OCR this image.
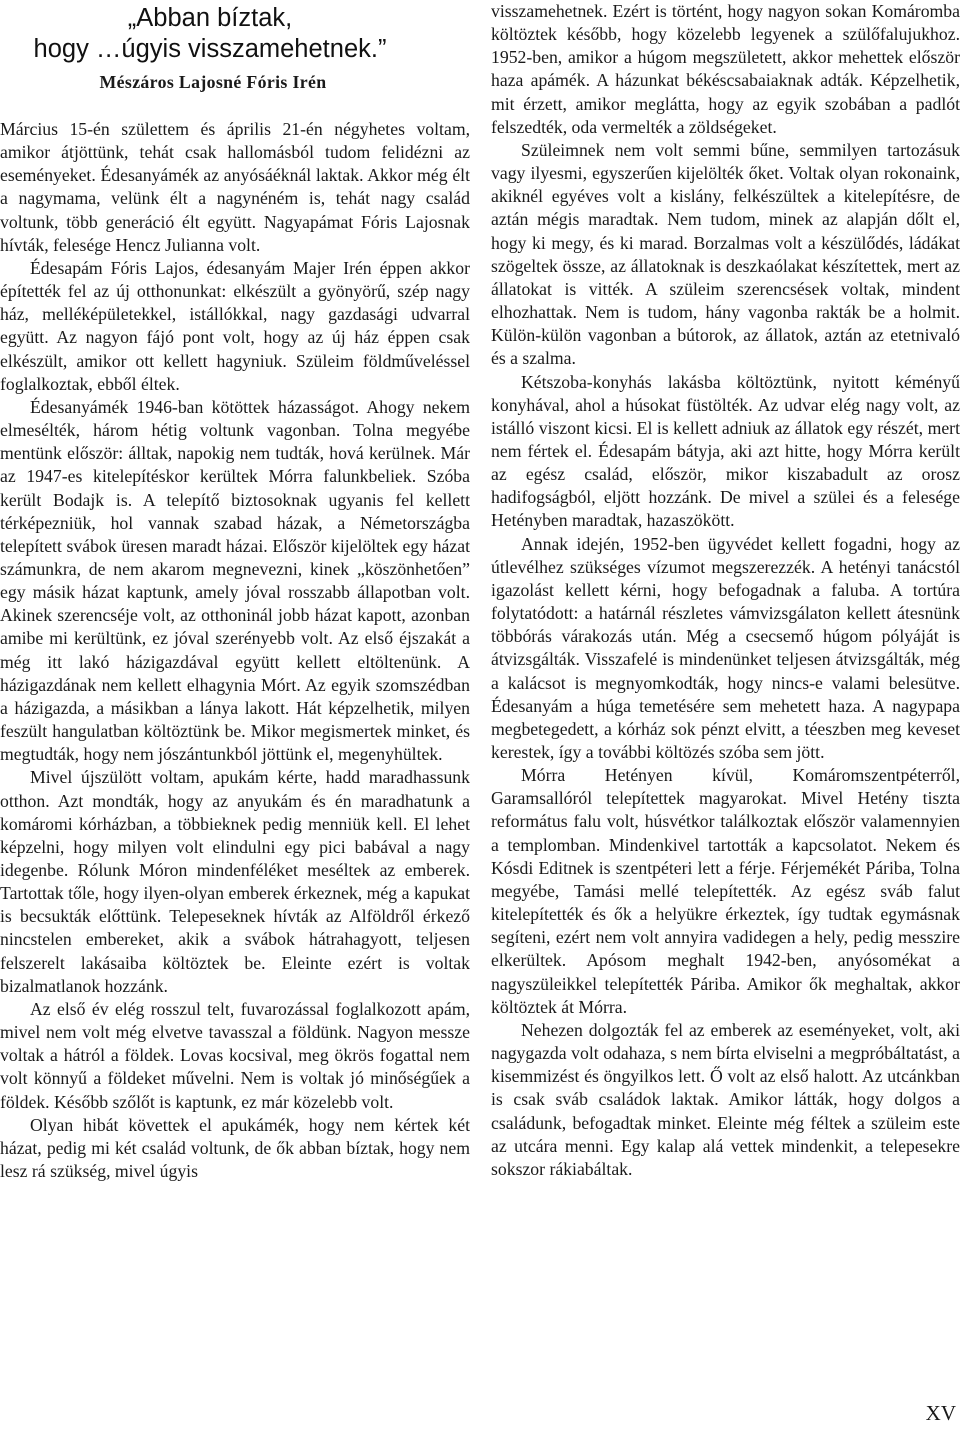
„Abban bíztak,
hogy …úgyis visszamehetnek.”
Mészáros Lajosné Fóris Irén

Március 15-én születtem és április 21-én négyhetes voltam, amikor átjöttünk, tehát csak hallomásból tudom felidézni az eseményeket. Édesanyámék az anyósáéknál laktak. Akkor még élt a nagymama, velünk élt a nagynéném is, tehát nagy család voltunk, több generáció élt együtt. Nagyapámat Fóris Lajosnak hívták, felesége Hencz Julianna volt.

Édesapám Fóris Lajos, édesanyám Majer Irén éppen akkor építették fel az új otthonunkat: elkészült a gyönyörű, szép nagy ház, melléképületekkel, istállókkal, nagy gazdasági udvarral együtt. Az nagyon fájó pont volt, hogy az új ház éppen csak elkészült, amikor ott kellett hagyniuk. Szüleim földműveléssel foglalkoztak, ebből éltek.

Édesanyámék 1946-ban kötöttek házasságot. Ahogy nekem elmesélték, három hétig voltunk vagonban. Tolna megyébe mentünk először: álltak, napokig nem tudták, hová kerülnek. Már az 1947-es kitelepítéskor kerültek Mórra falunkbeliek. Szóba került Bodajk is. A telepítő biztosoknak ugyanis fel kellett térképezniük, hol vannak szabad házak, a Németországba telepített svábok üresen maradt házai. Először kijelöltek egy házat számunkra, de nem akarom megnevezni, kinek „köszönhetően” egy másik házat kaptunk, amely jóval rosszabb állapotban volt. Akinek szerencséje volt, az otthoninál jobb házat kapott, azonban amibe mi kerültünk, ez jóval szerényebb volt. Az első éjszakát a még itt lakó házigazdával együtt kellett eltöltenünk. A házigazdának nem kellett elhagynia Mórt. Az egyik szomszédban a házigazda, a másikban a lánya lakott. Hát képzelhetik, milyen feszült hangulatban költöztünk be. Mikor megismertek minket, és megtudták, hogy nem jószántunkból jöttünk el, megenyhültek.

Mivel újszülött voltam, apukám kérte, hadd maradhassunk otthon. Azt mondták, hogy az anyukám és én maradhatunk a komáromi kórházban, a többieknek pedig menniük kell. El lehet képzelni, hogy milyen volt elindulni egy pici babával a nagy idegenbe. Rólunk Móron mindenféléket meséltek az emberek. Tartottak tőle, hogy ilyen-olyan emberek érkeznek, még a kapukat is becsukták előttünk. Telepeseknek hívták az Alföldről érkező nincstelen embereket, akik a svábok hátrahagyott, teljesen felszerelt lakásaiba költöztek be. Eleinte ezért is voltak bizalmatlanok hozzánk.

Az első év elég rosszul telt, fuvarozással foglalkozott apám, mivel nem volt még elvetve tavasszal a földünk. Nagyon messze voltak a hátról a földek. Lovas kocsival, meg ökrös fogattal nem volt könnyű a földeket művelni. Nem is voltak jó minőségűek a földek. Később szőlőt is kaptunk, ez már közelebb volt.

Olyan hibát követtek el apukámék, hogy nem kértek két házat, pedig mi két család voltunk, de ők abban bíztak, hogy nem lesz rá szükség, mivel úgyis

visszamehetnek. Ezért is történt, hogy nagyon sokan Komáromba költöztek később, hogy közelebb legyenek a szülőfalujukhoz. 1952-ben, amikor a húgom megszületett, akkor mehettek először haza apámék. A házunkat békéscsabaiaknak adták. Képzelhetik, mit érzett, amikor meglátta, hogy az egyik szobában a padlót felszedték, oda vermelték a zöldségeket.

Szüleimnek nem volt semmi bűne, semmilyen tartozásuk vagy ilyesmi, egyszerűen kijelölték őket. Voltak olyan rokonaink, akiknél egyéves volt a kislány, felkészültek a kitelepítésre, de aztán mégis maradtak. Nem tudom, minek az alapján dőlt el, hogy ki megy, és ki marad. Borzalmas volt a készülődés, ládákat szögeltek össze, az állatoknak is deszkaólakat készítettek, mert az állatokat is vitték. A szüleim szerencsések voltak, mindent elhozhattak. Nem is tudom, hány vagonba rakták be a holmit. Külön-külön vagonban a bútorok, az állatok, aztán az etetnivaló és a szalma.

Kétszoba-konyhás lakásba költöztünk, nyitott kéményű konyhával, ahol a húsokat füstölték. Az udvar elég nagy volt, az istálló viszont kicsi. El is kellett adniuk az állatok egy részét, mert nem fértek el. Édesapám bátyja, aki azt hitte, hogy Mórra került az egész család, először, mikor kiszabadult az orosz hadifogságból, eljött hozzánk. De mivel a szülei és a felesége Hetényben maradtak, hazaszökött.

Annak idején, 1952-ben ügyvédet kellett fogadni, hogy az útlevélhez szükséges vízumot megszerezzék. A hetényi tanácstól igazolást kellett kérni, hogy befogadnak a faluba. A tortúra folytatódott: a határnál részletes vámvizsgálaton kellett átesnünk többórás várakozás után. Még a csecsemő húgom pólyáját is átvizsgálták. Visszafelé is mindenünket teljesen átvizsgálták, még a kalácsot is megnyomkodták, hogy nincs-e valami belesütve. Édesanyám a húga temetésére sem mehetett haza. A nagypapa megbetegedett, a kórház sok pénzt elvitt, a téeszben meg keveset kerestek, így a további költözés szóba sem jött.

Mórra Hetényen kívül, Komáromszentpéterről, Garamsallóról telepítettek magyarokat. Mivel Hetény tiszta református falu volt, húsvétkor találkoztak először valamennyien a templomban. Mindenkivel tartották a kapcsolatot. Nekem és Kósdi Editnek is szentpéteri lett a férje. Férjemékét Páriba, Tolna megyébe, Tamási mellé telepítették. Az egész sváb falut kitelepítették és ők a helyükre érkeztek, így tudtak egymásnak segíteni, ezért nem volt annyira vadidegen a hely, pedig messzire elkerültek. Apósom meghalt 1942-ben, anyósomékat a nagyszüleikkel telepítették Páriba. Amikor ők meghaltak, akkor költöztek át Mórra.

Nehezen dolgozták fel az emberek az eseményeket, volt, aki nagygazda volt odahaza, s nem bírta elviselni a megpróbáltatást, a kisemmizést és öngyilkos lett. Ő volt az első halott. Az utcánkban is csak sváb családok laktak. Amikor látták, hogy dolgos a családunk, befogadtak minket. Eleinte még féltek a szüleim este az utcára menni. Egy kalap alá vettek mindenkit, a telepesekre sokszor rákiabáltak.

XV
